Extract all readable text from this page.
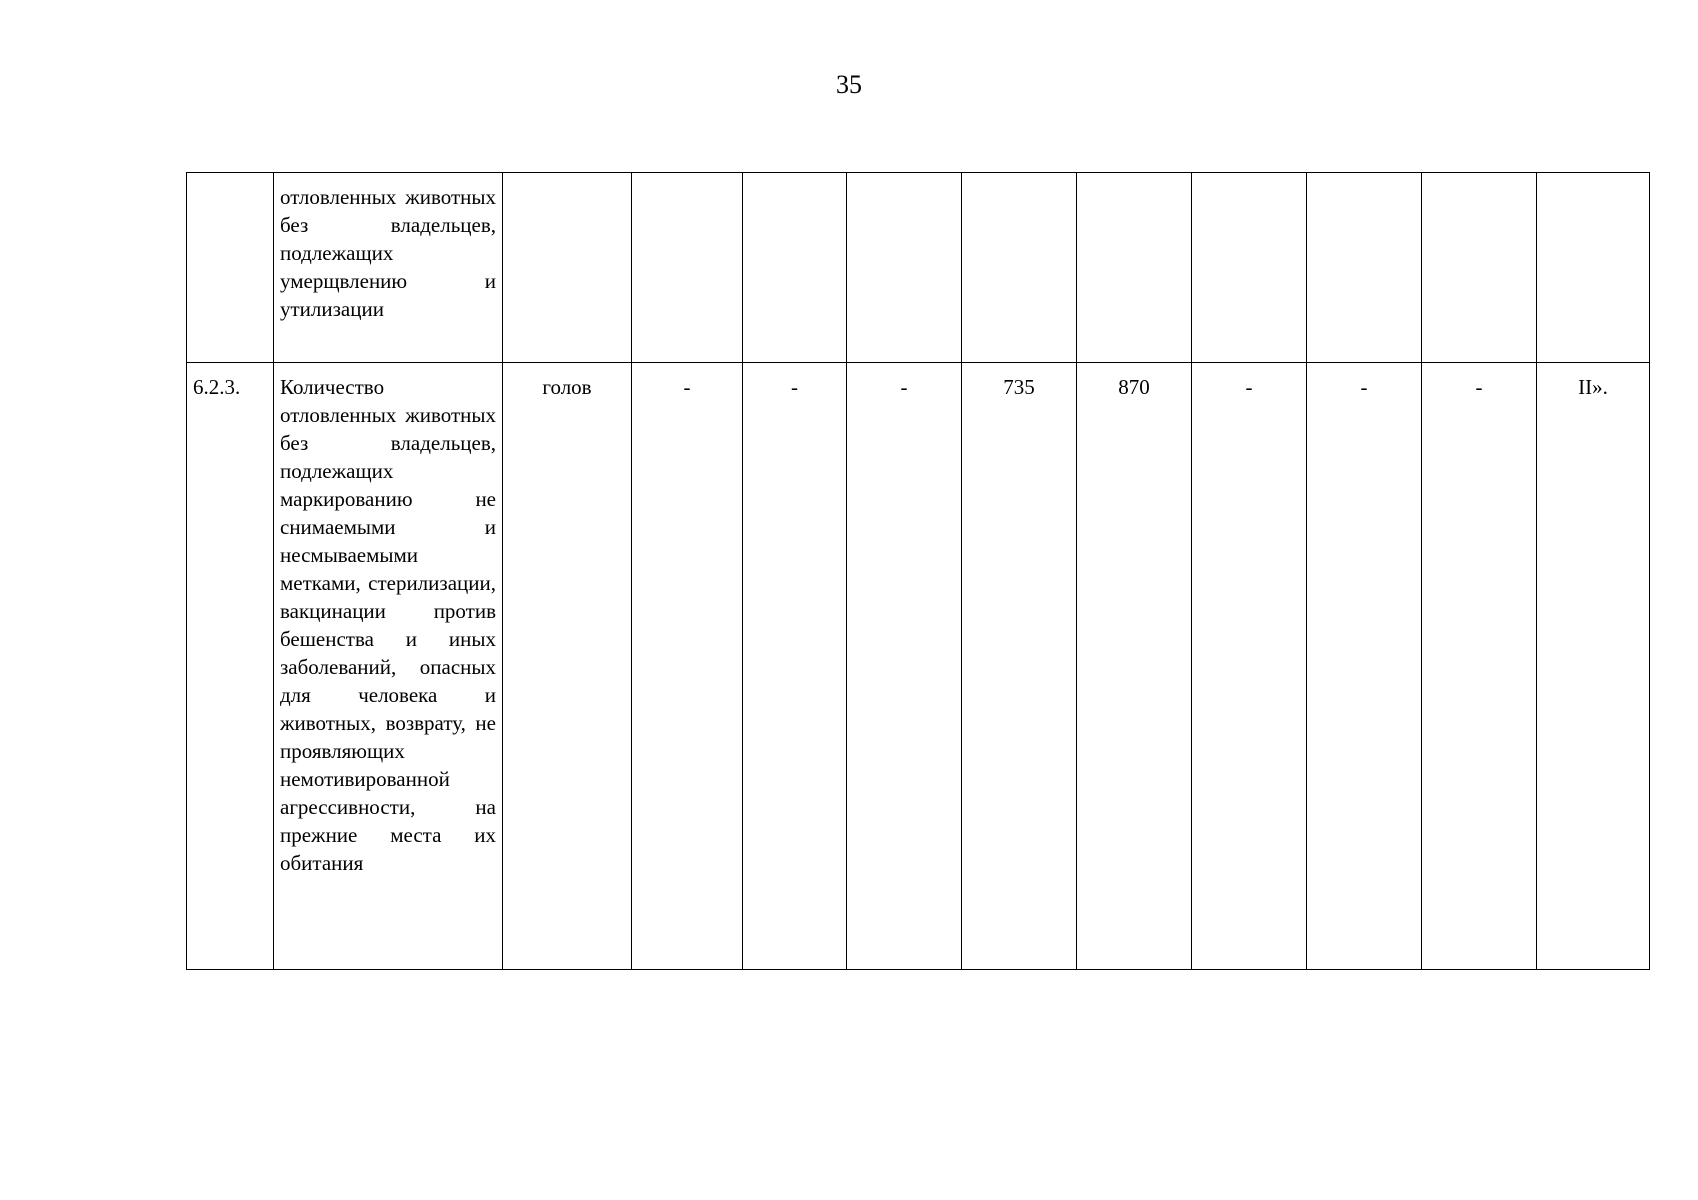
35
	отловленных животных без владельцев, подлежащих умерщвлению и утилизации										
6.2.3.	Количество отловленных животных без владельцев, подлежащих маркированию не снимаемыми и несмываемыми метками, стерилизации, вакцинации против бешенства и иных заболеваний, опасных для человека и животных, возврату, не проявляющих немотивированной агрессивности, на прежние места их обитания	голов	-	-	-	735	870	-	-	-	II».
